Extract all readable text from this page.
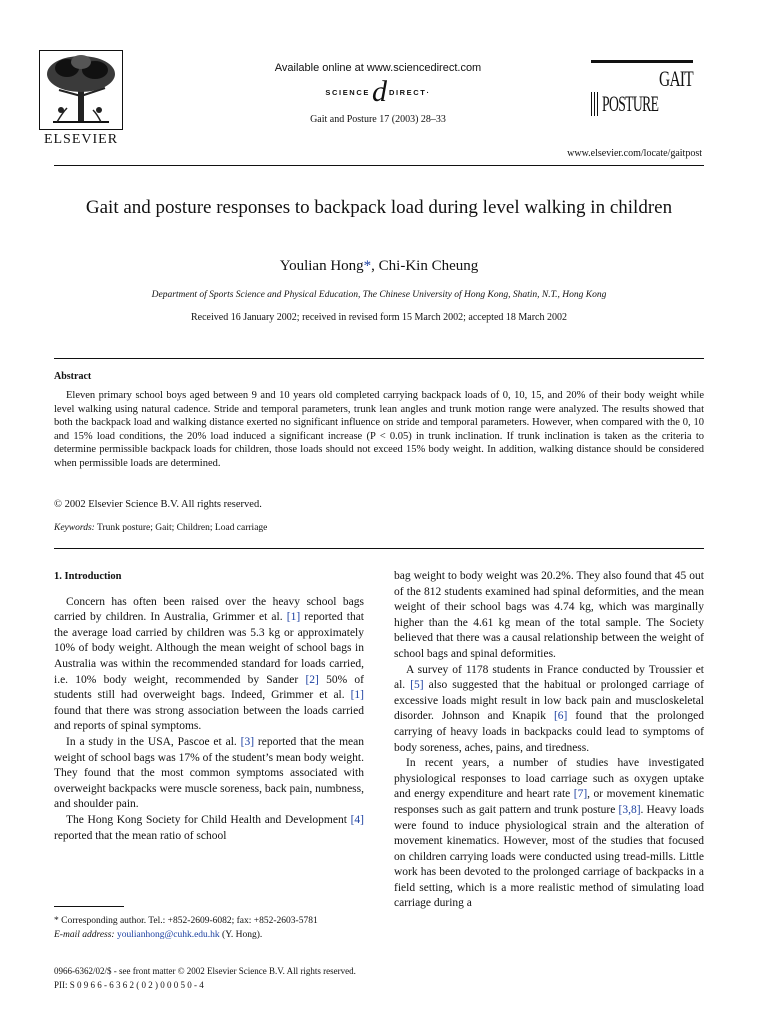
ELSEVIER
Available online at www.sciencedirect.com
SCIENCE d DIRECT·
Gait and Posture 17 (2003) 28–33
GAIT
POSTURE
www.elsevier.com/locate/gaitpost
Gait and posture responses to backpack load during level walking in children
Youlian Hong*, Chi-Kin Cheung
Department of Sports Science and Physical Education, The Chinese University of Hong Kong, Shatin, N.T., Hong Kong
Received 16 January 2002; received in revised form 15 March 2002; accepted 18 March 2002
Abstract

Eleven primary school boys aged between 9 and 10 years old completed carrying backpack loads of 0, 10, 15, and 20% of their body weight while level walking using natural cadence. Stride and temporal parameters, trunk lean angles and trunk motion range were analyzed. The results showed that both the backpack load and walking distance exerted no significant influence on stride and temporal parameters. However, when compared with the 0, 10 and 15% load conditions, the 20% load induced a significant increase (P < 0.05) in trunk inclination. If trunk inclination is taken as the criteria to determine permissible backpack loads for children, those loads should not exceed 15% body weight. In addition, walking distance should be considered when permissible loads are determined.

© 2002 Elsevier Science B.V. All rights reserved.
Keywords: Trunk posture; Gait; Children; Load carriage

1. Introduction

Concern has often been raised over the heavy school bags carried by children. In Australia, Grimmer et al. [1] reported that the average load carried by children was 5.3 kg or approximately 10% of body weight. Although the mean weight of school bags in Australia was within the recommended standard for loads carried, i.e. 10% body weight, recommended by Sander [2] 50% of students still had overweight bags. Indeed, Grimmer et al. [1] found that there was strong association between the loads carried and reports of spinal symptoms.

In a study in the USA, Pascoe et al. [3] reported that the mean weight of school bags was 17% of the student’s mean body weight. They found that the most common symptoms associated with overweight backpacks were muscle soreness, back pain, numbness, and shoulder pain.

The Hong Kong Society for Child Health and Development [4] reported that the mean ratio of school

bag weight to body weight was 20.2%. They also found that 45 out of the 812 students examined had spinal deformities, and the mean weight of their school bags was 4.74 kg, which was marginally higher than the 4.61 kg mean of the total sample. The Society believed that there was a causal relationship between the weight of school bags and spinal deformities.

A survey of 1178 students in France conducted by Troussier et al. [5] also suggested that the habitual or prolonged carriage of excessive loads might result in low back pain and muscloskeletal disorder. Johnson and Knapik [6] found that the prolonged carrying of heavy loads in backpacks could lead to symptoms of body soreness, aches, pains, and tiredness.

In recent years, a number of studies have investigated physiological responses to load carriage such as oxygen uptake and energy expenditure and heart rate [7], or movement kinematic responses such as gait pattern and trunk posture [3,8]. Heavy loads were found to induce physiological strain and the alteration of movement kinematics. However, most of the studies that focused on children carrying loads were conducted using tread-mills. Little work has been devoted to the prolonged carriage of backpacks in a field setting, which is a more realistic method of simulating load carriage during a

* Corresponding author. Tel.: +852-2609-6082; fax: +852-2603-5781
E-mail address: youlianhong@cuhk.edu.hk (Y. Hong).
0966-6362/02/$ - see front matter © 2002 Elsevier Science B.V. All rights reserved.
PII: S 0 9 6 6 - 6 3 6 2 ( 0 2 ) 0 0 0 5 0 - 4
